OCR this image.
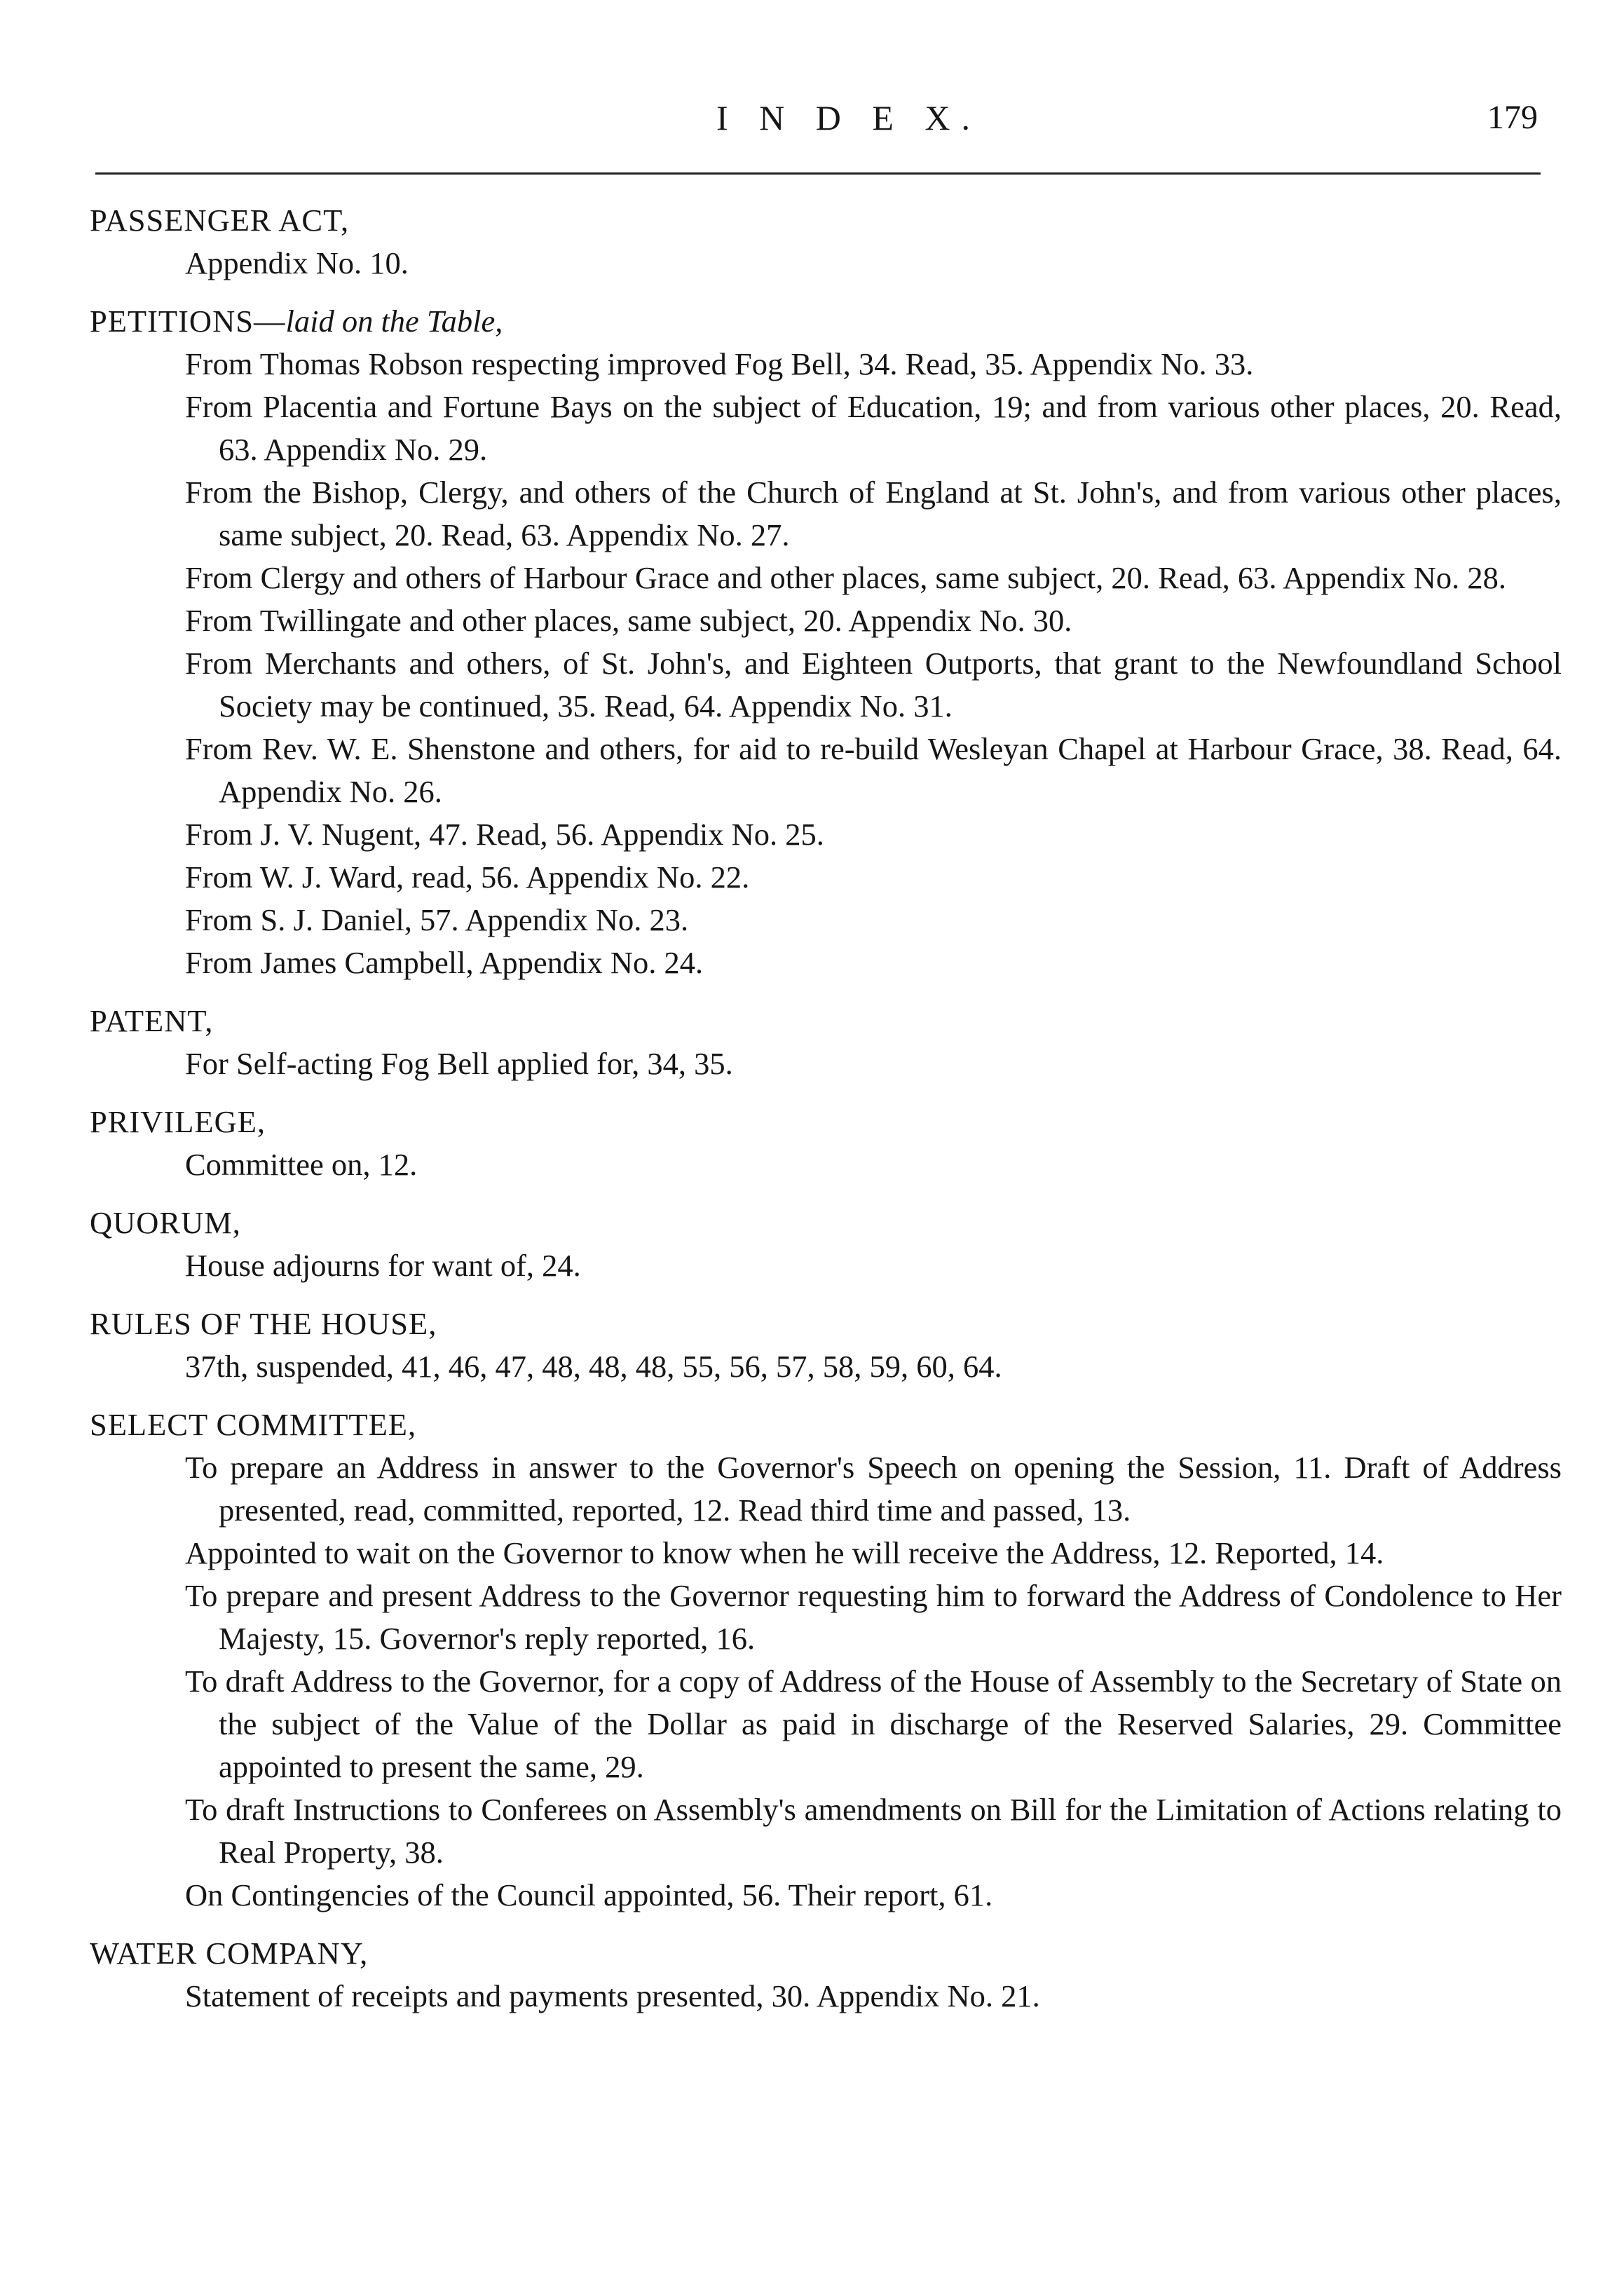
I N D E X.	179
PASSENGER ACT,
Appendix No. 10.
PETITIONS—laid on the Table,
From Thomas Robson respecting improved Fog Bell, 34. Read, 35. Appendix No. 33.
From Placentia and Fortune Bays on the subject of Education, 19; and from various other places, 20. Read, 63. Appendix No. 29.
From the Bishop, Clergy, and others of the Church of England at St. John's, and from various other places, same subject, 20. Read, 63. Appendix No. 27.
From Clergy and others of Harbour Grace and other places, same subject, 20. Read, 63. Appendix No. 28.
From Twillingate and other places, same subject, 20. Appendix No. 30.
From Merchants and others, of St. John's, and Eighteen Outports, that grant to the Newfoundland School Society may be continued, 35. Read, 64. Appendix No. 31.
From Rev. W. E. Shenstone and others, for aid to re-build Wesleyan Chapel at Harbour Grace, 38. Read, 64. Appendix No. 26.
From J. V. Nugent, 47. Read, 56. Appendix No. 25.
From W. J. Ward, read, 56. Appendix No. 22.
From S. J. Daniel, 57. Appendix No. 23.
From James Campbell, Appendix No. 24.
PATENT,
For Self-acting Fog Bell applied for, 34, 35.
PRIVILEGE,
Committee on, 12.
QUORUM,
House adjourns for want of, 24.
RULES OF THE HOUSE,
37th, suspended, 41, 46, 47, 48, 48, 48, 55, 56, 57, 58, 59, 60, 64.
SELECT COMMITTEE,
To prepare an Address in answer to the Governor's Speech on opening the Session, 11. Draft of Address presented, read, committed, reported, 12. Read third time and passed, 13.
Appointed to wait on the Governor to know when he will receive the Address, 12. Reported, 14.
To prepare and present Address to the Governor requesting him to forward the Address of Condolence to Her Majesty, 15. Governor's reply reported, 16.
To draft Address to the Governor, for a copy of Address of the House of Assembly to the Secretary of State on the subject of the Value of the Dollar as paid in discharge of the Reserved Salaries, 29. Committee appointed to present the same, 29.
To draft Instructions to Conferees on Assembly's amendments on Bill for the Limitation of Actions relating to Real Property, 38.
On Contingencies of the Council appointed, 56. Their report, 61.
WATER COMPANY,
Statement of receipts and payments presented, 30. Appendix No. 21.
